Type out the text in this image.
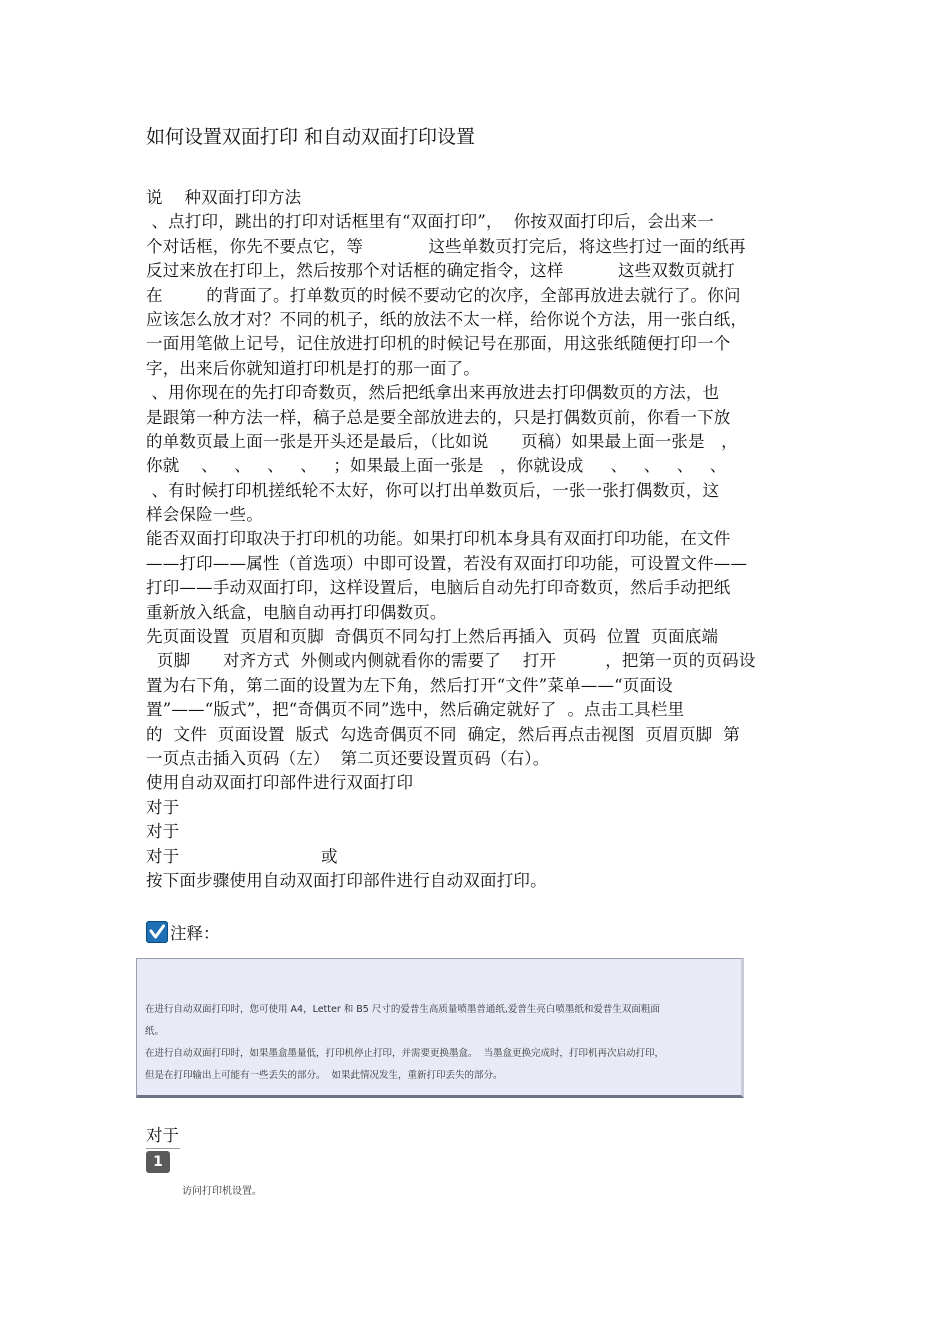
如何设置双面打印 和自动双面打印设置
说    种双面打印方法
、点打印，跳出的打印对话框里有“双面打印”，  你按双面打印后，会出来一
个对话框，你先不要点它，等            这些单数页打完后，将这些打过一面的纸再
反过来放在打印上，然后按那个对话框的确定指令，这样          这些双数页就打
在        的背面了。打单数页的时候不要动它的次序，全部再放进去就行了。你问
应该怎么放才对？不同的机子，纸的放法不太一样，给你说个方法，用一张白纸，
一面用笔做上记号，记住放进打印机的时候记号在那面，用这张纸随便打印一个
字，出来后你就知道打印机是打的那一面了。
、用你现在的先打印奇数页，然后把纸拿出来再放进去打印偶数页的方法，也
是跟第一种方法一样，稿子总是要全部放进去的，只是打偶数页前，你看一下放
的单数页最上面一张是开头还是最后，（比如说      页稿）如果最上面一张是   ，
你就    、   、   、   、   ；如果最上面一张是   ，你就设成     、   、   、   、
、有时候打印机搓纸轮不太好，你可以打出单数页后，一张一张打偶数页，这
样会保险一些。
能否双面打印取决于打印机的功能。如果打印机本身具有双面打印功能，在文件
——打印——属性（首选项）中即可设置，若没有双面打印功能，可设置文件——
打印——手动双面打印，这样设置后，电脑后自动先打印奇数页，然后手动把纸
重新放入纸盒，电脑自动再打印偶数页。
先页面设置  页眉和页脚  奇偶页不同勾打上然后再插入  页码  位置  页面底端
页脚      对齐方式  外侧或内侧就看你的需要了    打开         ，把第一页的页码设
置为右下角，第二面的设置为左下角，然后打开“文件”菜单——“页面设
置”——“版式”，把“奇偶页不同”选中，然后确定就好了  。点击工具栏里
的  文件  页面设置  版式  勾选奇偶页不同  确定，然后再点击视图  页眉页脚  第
一页点击插入页码（左）  第二页还要设置页码（右）。
使用自动双面打印部件进行双面打印
对于
对于
对于                          或
按下面步骤使用自动双面打印部件进行自动双面打印。
注释：
在进行自动双面打印时，您可使用 A4，Letter 和 B5 尺寸的爱普生高质量喷墨普通纸,爱普生亮白喷墨纸和爱普生双面粗面
纸。
在进行自动双面打印时，如果墨盒墨量低，打印机停止打印，并需要更换墨盒。  当墨盒更换完成时，打印机再次启动打印，
但是在打印输出上可能有一些丢失的部分。  如果此情况发生，重新打印丢失的部分。
对于
1
访问打印机设置。
